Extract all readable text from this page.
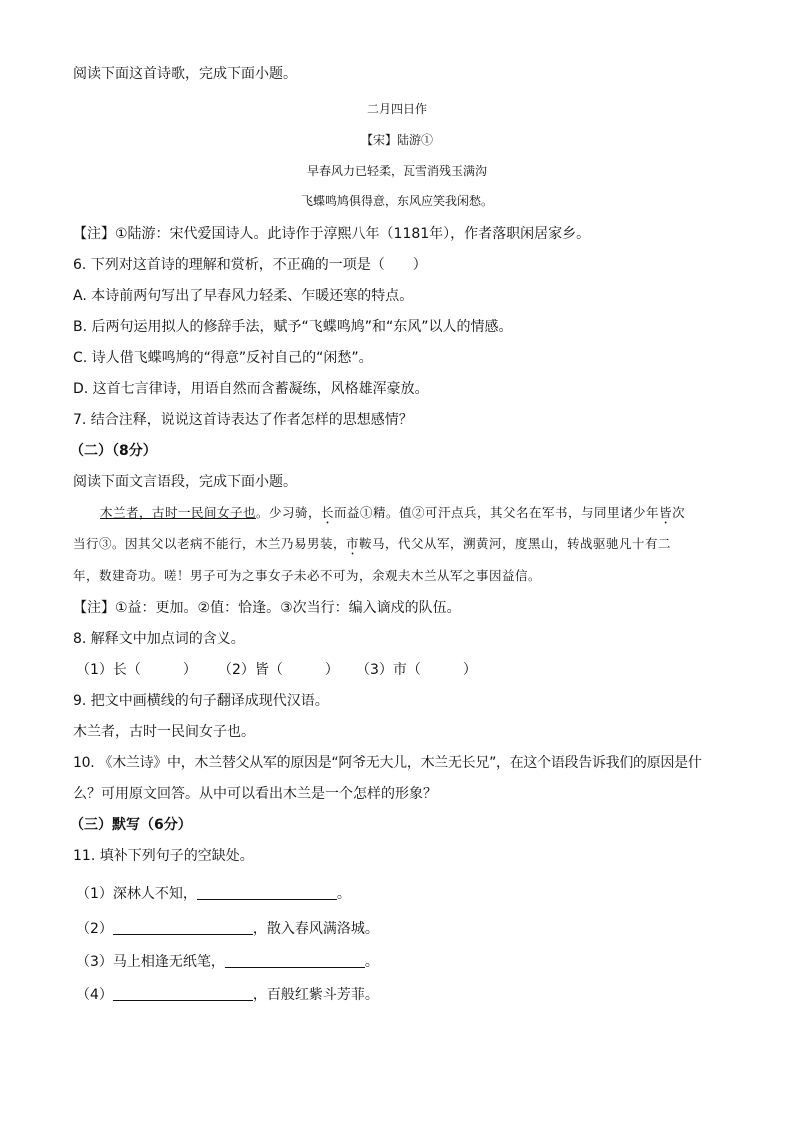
阅读下面这首诗歌，完成下面小题。
二月四日作
【宋】陆游①
早春风力已轻柔，瓦雪消残玉满沟
飞蝶鸣鸠俱得意，东风应笑我闲愁。
【注】①陆游：宋代爱国诗人。此诗作于淳熙八年（1181年），作者落职闲居家乡。
6. 下列对这首诗的理解和赏析，不正确的一项是（　　）
A. 本诗前两句写出了早春风力轻柔、乍暖还寒的特点。
B. 后两句运用拟人的修辞手法，赋予“飞蝶鸣鸠”和“东风”以人的情感。
C. 诗人借飞蝶鸣鸠的“得意”反衬自己的“闲愁”。
D. 这首七言律诗，用语自然而含蓄凝练，风格雄浑豪放。
7. 结合注释，说说这首诗表达了作者怎样的思想感情？
（二）（8分）
阅读下面文言语段，完成下面小题。
木兰者，古时一民间女子也。少习骑，长而益①精。值②可汗点兵，其父名在军书，与同里诸少年皆次
当行③。因其父以老病不能行，木兰乃易男装，市鞍马，代父从军，溯黄河，度黑山，转战驱驰凡十有二
年，数建奇功。嗟！男子可为之事女子未必不可为，余观夫木兰从军之事因益信。
【注】①益：更加。②值：恰逢。③次当行：编入谪戍的队伍。
8. 解释文中加点词的含义。
（1）长（　　　） （2）皆（　　　） （3）市（　　　）
9. 把文中画横线的句子翻译成现代汉语。
木兰者，古时一民间女子也。
10. 《木兰诗》中，木兰替父从军的原因是“阿爷无大儿，木兰无长兄”，在这个语段告诉我们的原因是什
么？可用原文回答。从中可以看出木兰是一个怎样的形象？
（三）默写（6分）
11. 填补下列句子的空缺处。
（1）深林人不知，	。
（2）	，散入春风满洛城。
（3）马上相逢无纸笔，	。
（4）	，百般红紫斗芳菲。
